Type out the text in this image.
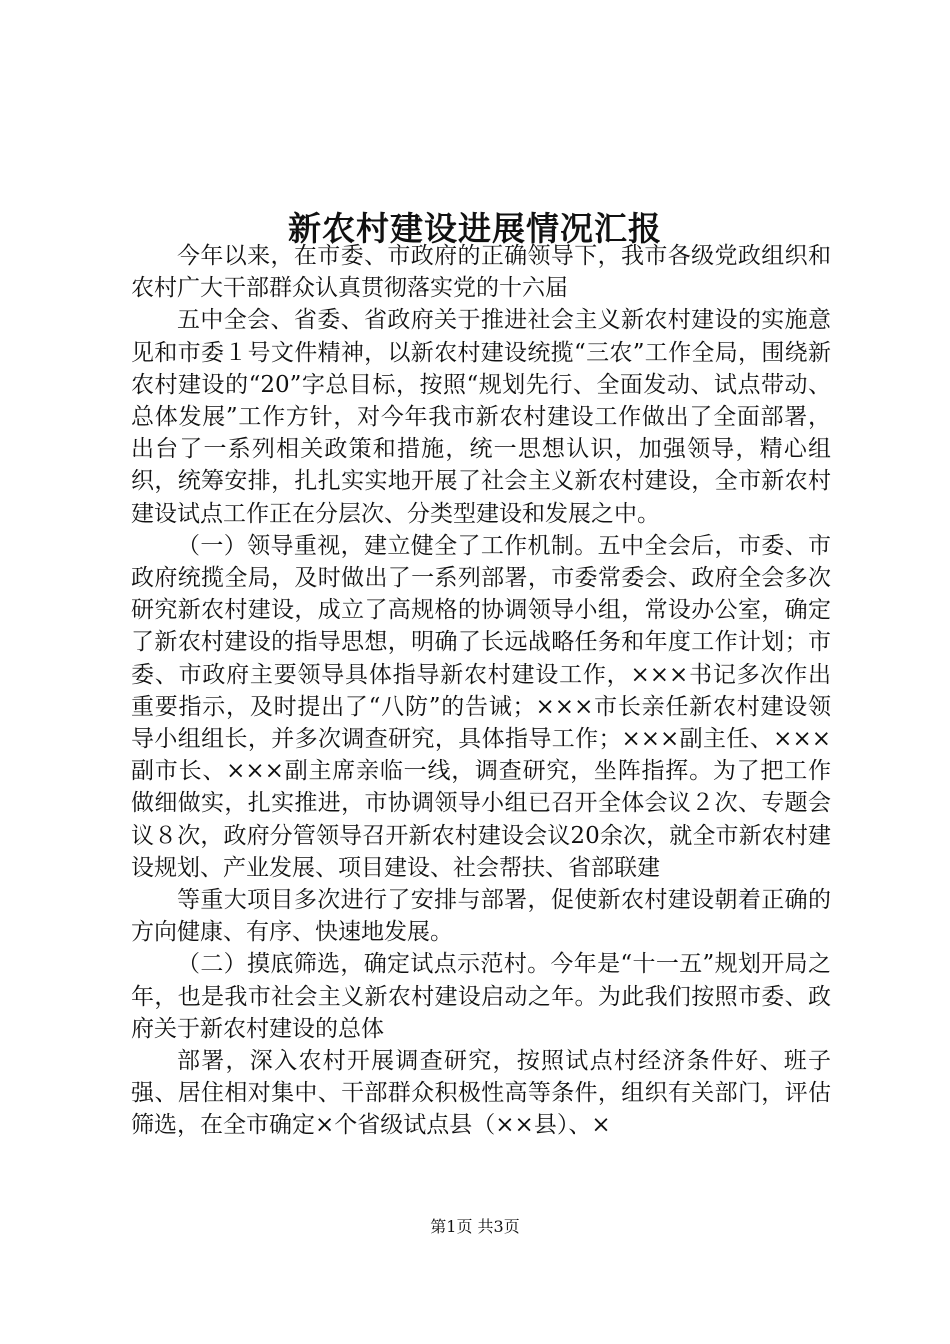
新农村建设进展情况汇报

今年以来，在市委、市政府的正确领导下，我市各级党政组织和农村广大干部群众认真贯彻落实党的十六届

五中全会、省委、省政府关于推进社会主义新农村建设的实施意见和市委１号文件精神，以新农村建设统揽“三农”工作全局，围绕新农村建设的“20”字总目标，按照“规划先行、全面发动、试点带动、总体发展”工作方针，对今年我市新农村建设工作做出了全面部署，出台了一系列相关政策和措施，统一思想认识，加强领导，精心组织，统筹安排，扎扎实实地开展了社会主义新农村建设，全市新农村建设试点工作正在分层次、分类型建设和发展之中。

（一）领导重视，建立健全了工作机制。五中全会后，市委、市政府统揽全局，及时做出了一系列部署，市委常委会、政府全会多次研究新农村建设，成立了高规格的协调领导小组，常设办公室，确定了新农村建设的指导思想，明确了长远战略任务和年度工作计划；市委、市政府主要领导具体指导新农村建设工作，×××书记多次作出重要指示，及时提出了“八防”的告诫；×××市长亲任新农村建设领导小组组长，并多次调查研究，具体指导工作；×××副主任、×××副市长、×××副主席亲临一线，调查研究，坐阵指挥。为了把工作做细做实，扎实推进，市协调领导小组已召开全体会议２次、专题会议８次，政府分管领导召开新农村建设会议20余次，就全市新农村建设规划、产业发展、项目建设、社会帮扶、省部联建

等重大项目多次进行了安排与部署，促使新农村建设朝着正确的方向健康、有序、快速地发展。

（二）摸底筛选，确定试点示范村。今年是“十一五”规划开局之年，也是我市社会主义新农村建设启动之年。为此我们按照市委、政府关于新农村建设的总体

部署，深入农村开展调查研究，按照试点村经济条件好、班子强、居住相对集中、干部群众积极性高等条件，组织有关部门，评估筛选，在全市确定×个省级试点县（××县）、×

第1页 共3页
